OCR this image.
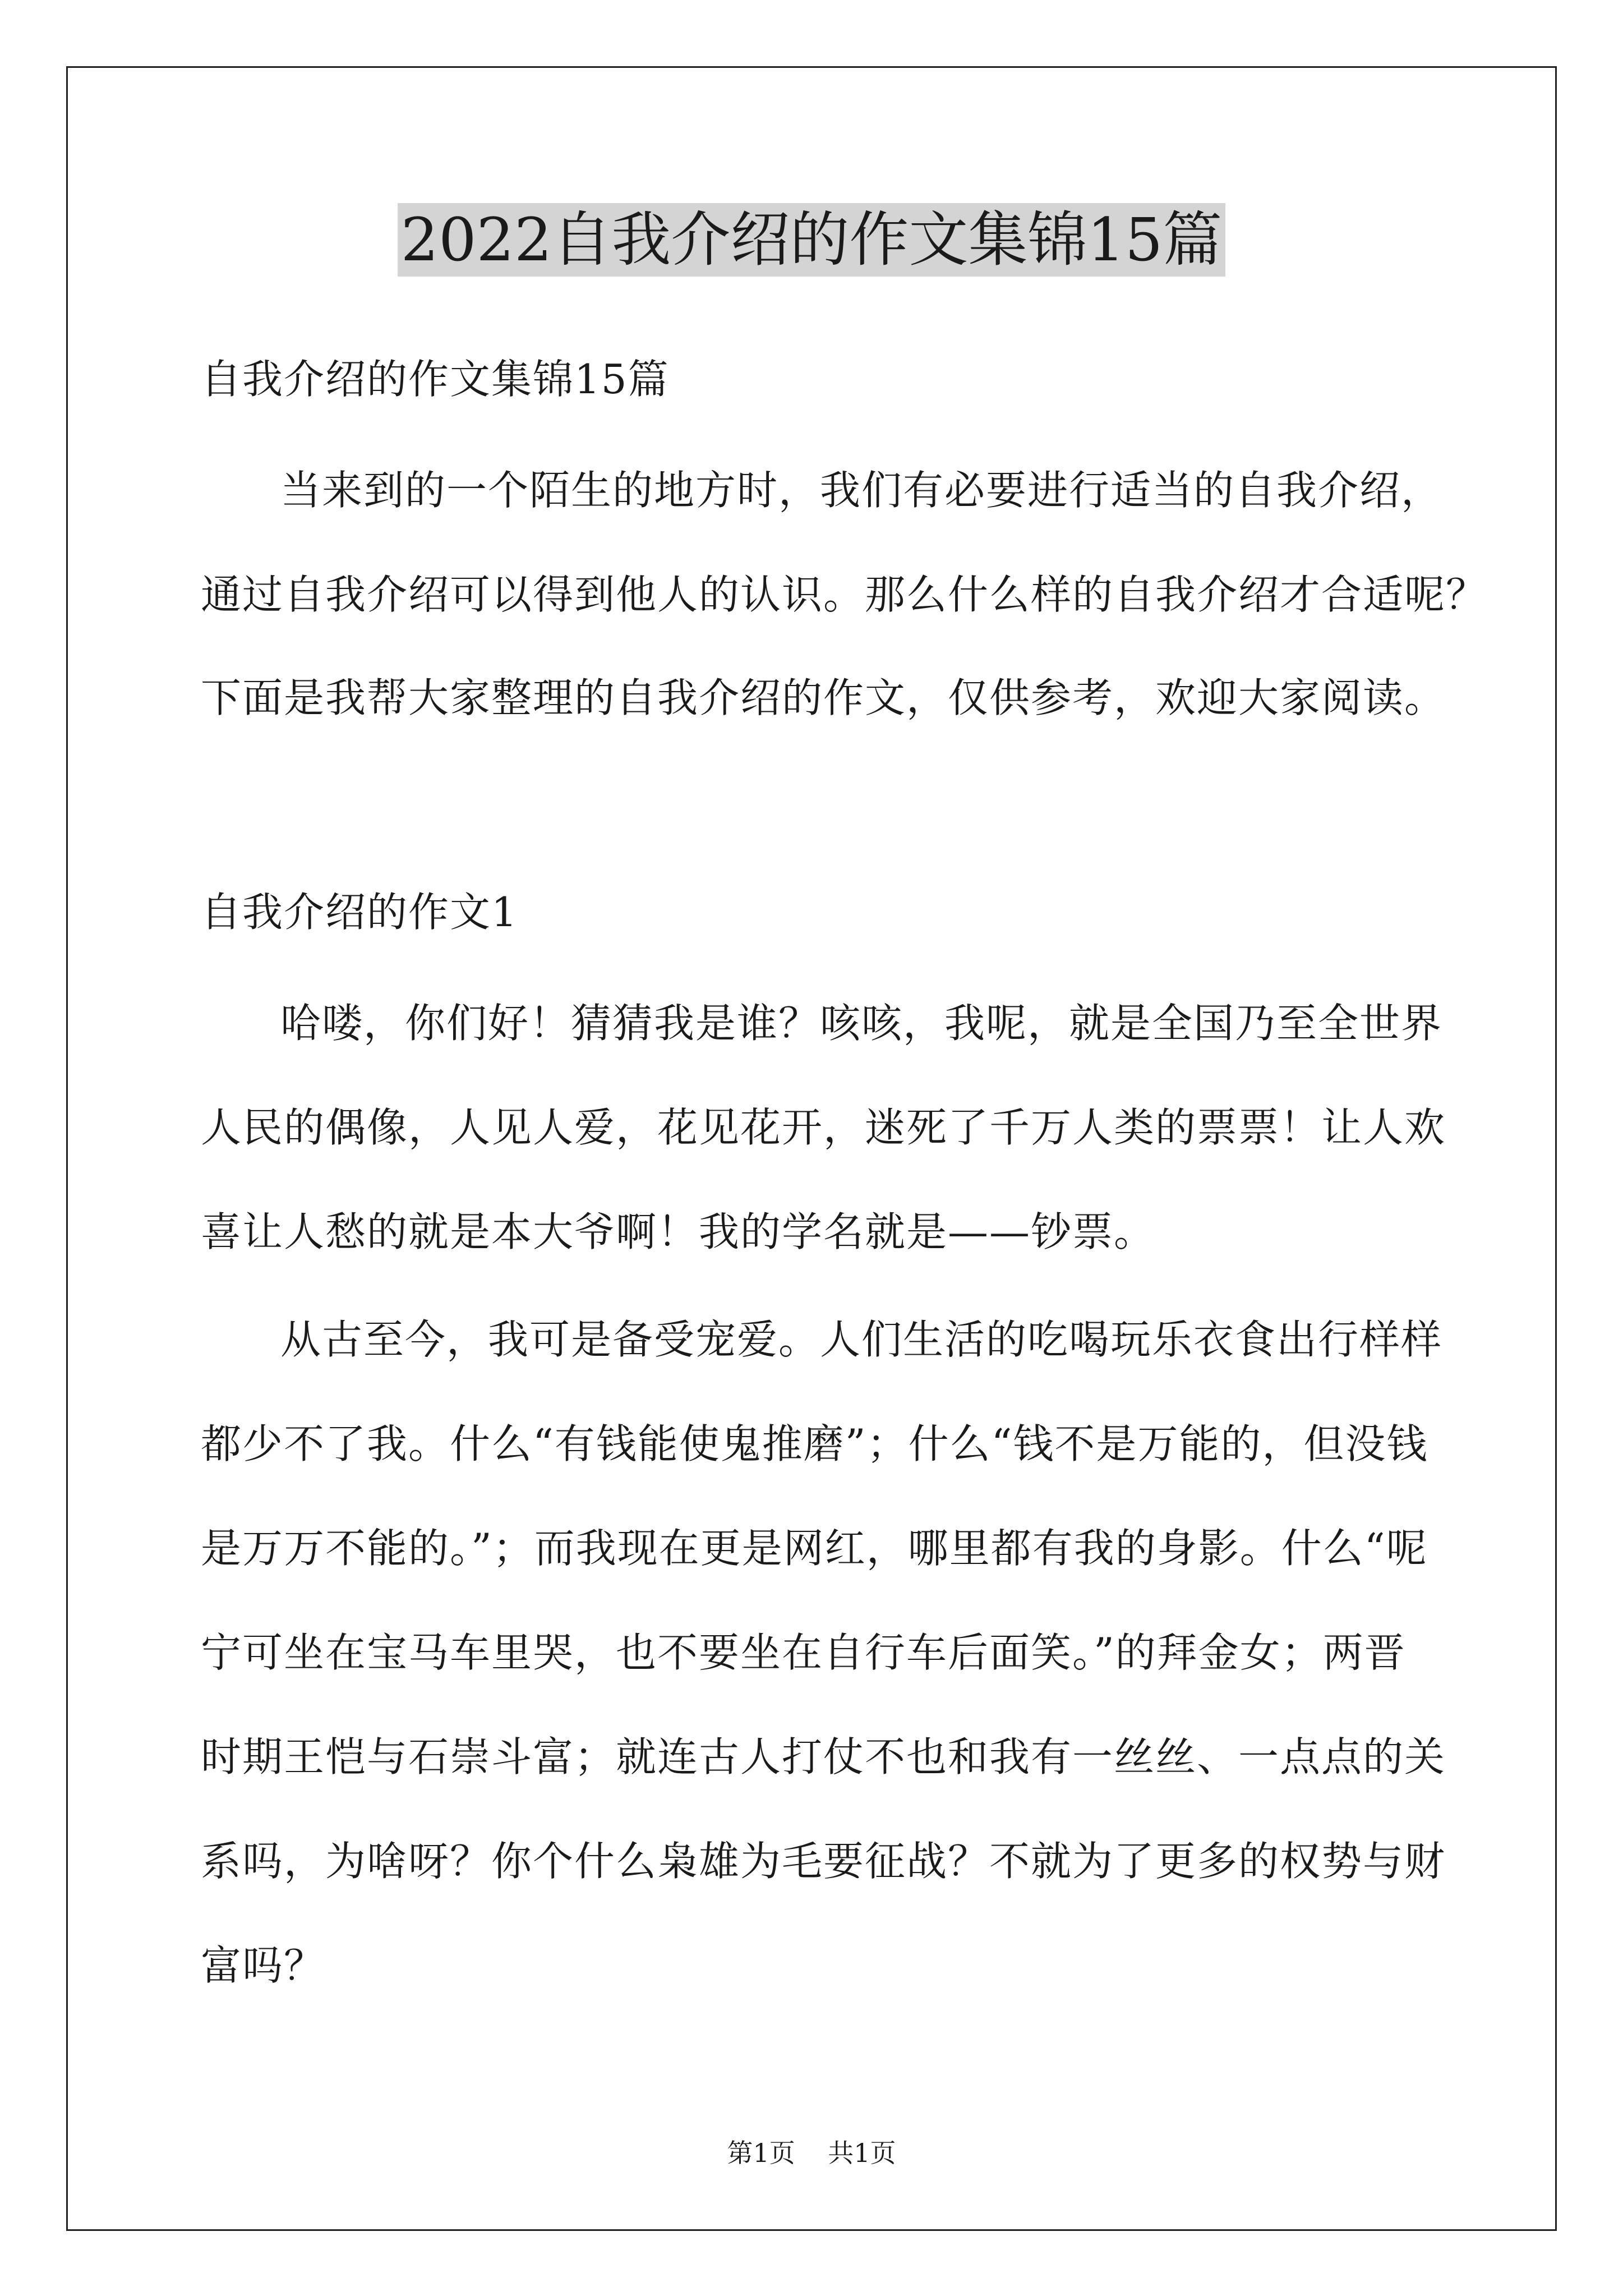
2022自我介绍的作文集锦15篇
自我介绍的作文集锦15篇
当来到的一个陌生的地方时，我们有必要进行适当的自我介绍，
通过自我介绍可以得到他人的认识。那么什么样的自我介绍才合适呢？
下面是我帮大家整理的自我介绍的作文，仅供参考，欢迎大家阅读。
自我介绍的作文1
哈喽，你们好！猜猜我是谁？咳咳，我呢，就是全国乃至全世界
人民的偶像，人见人爱，花见花开，迷死了千万人类的票票！让人欢
喜让人愁的就是本大爷啊！我的学名就是——钞票。
从古至今，我可是备受宠爱。人们生活的吃喝玩乐衣食出行样样
都少不了我。什么“有钱能使鬼推磨”；什么“钱不是万能的，但没钱
是万万不能的。”；而我现在更是网红，哪里都有我的身影。什么“呢
宁可坐在宝马车里哭，也不要坐在自行车后面笑。”的拜金女；两晋
时期王恺与石崇斗富；就连古人打仗不也和我有一丝丝、一点点的关
系吗，为啥呀？你个什么枭雄为毛要征战？不就为了更多的权势与财
富吗？
第1页    共1页
